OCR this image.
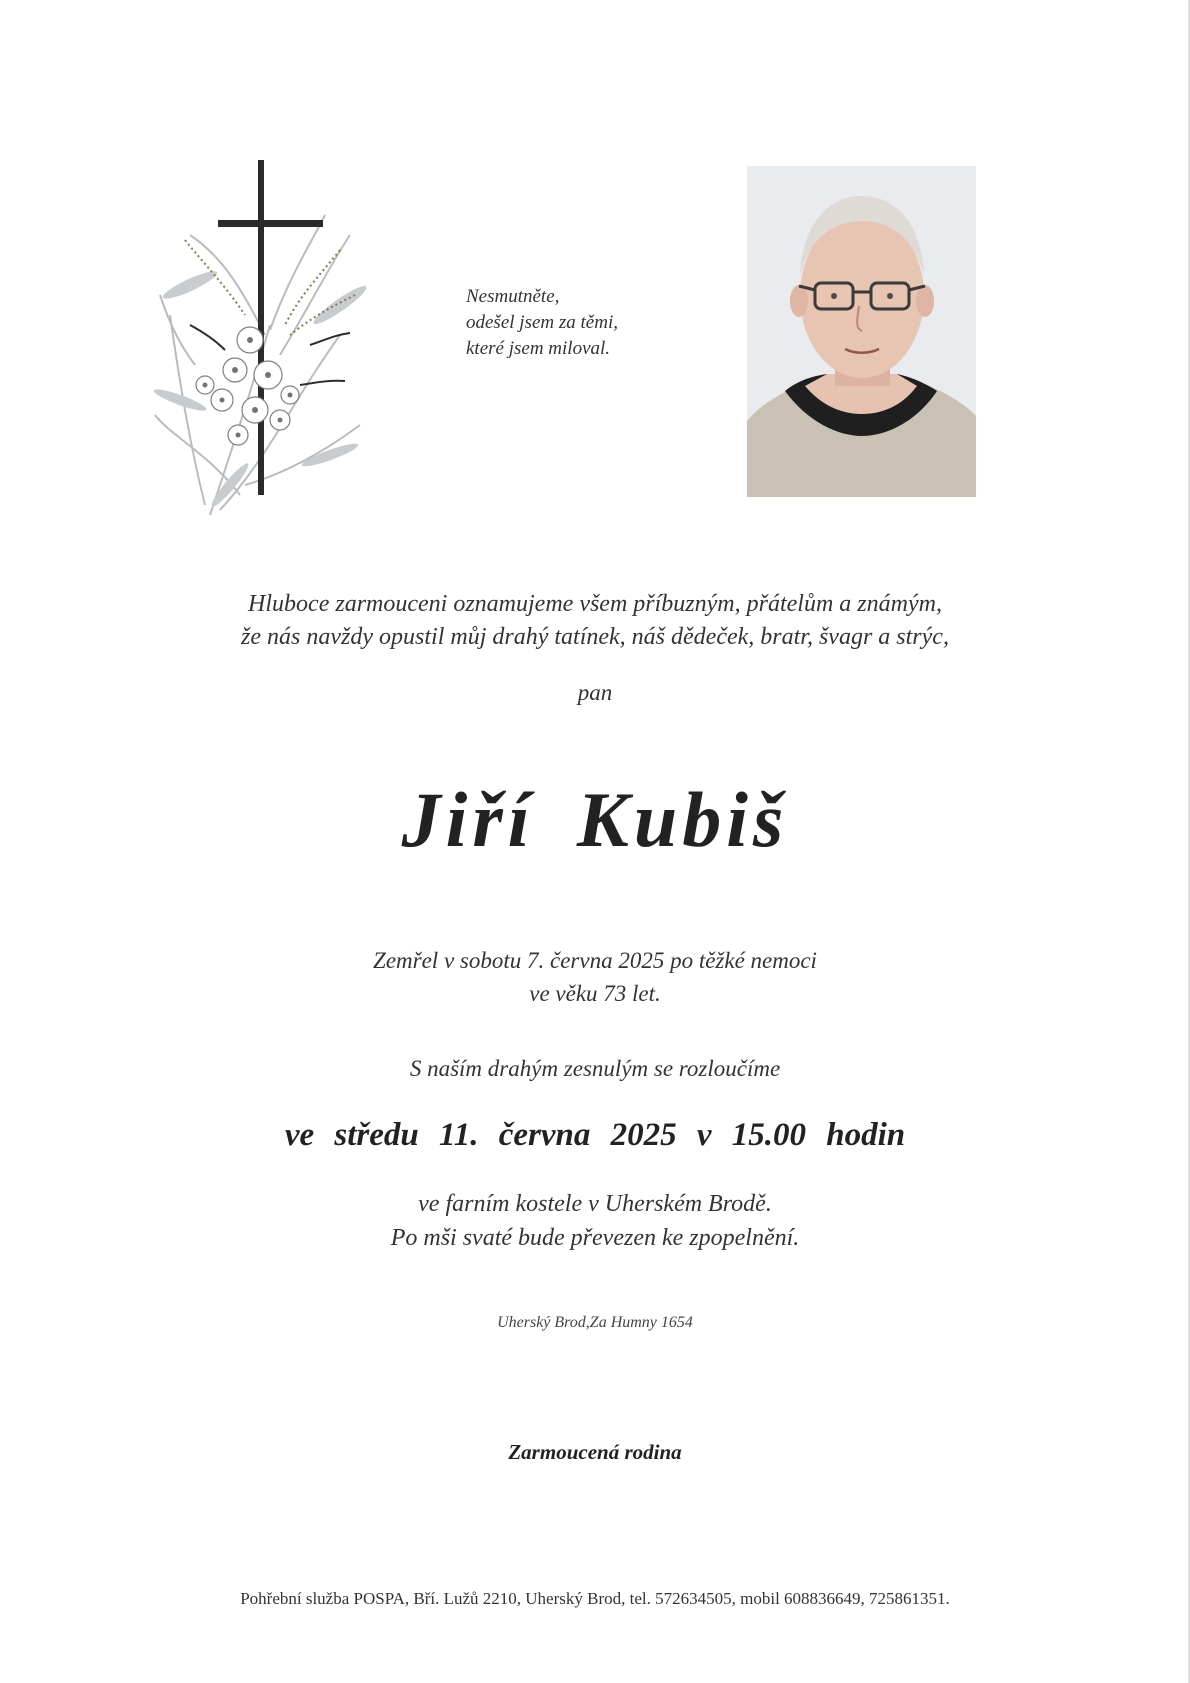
Nesmutněte,
odešel jsem za těmi,
které jsem miloval.
Hluboce zarmouceni oznamujeme všem příbuzným, přátelům a známým,
že nás navždy opustil můj drahý tatínek, náš dědeček, bratr, švagr a strýc,
pan
Jiří Kubiš
Zemřel v sobotu 7. června 2025 po těžké nemoci
ve věku 73 let.
S naším drahým zesnulým se rozloučíme
ve středu 11. června 2025 v 15.00 hodin
ve farním kostele v Uherském Brodě.
Po mši svaté bude převezen ke zpopelnění.
Uherský Brod,Za Humny 1654
Zarmoucená rodina
Pohřební služba POSPA, Bří. Lužů 2210, Uherský Brod, tel. 572634505, mobil 608836649, 725861351.
